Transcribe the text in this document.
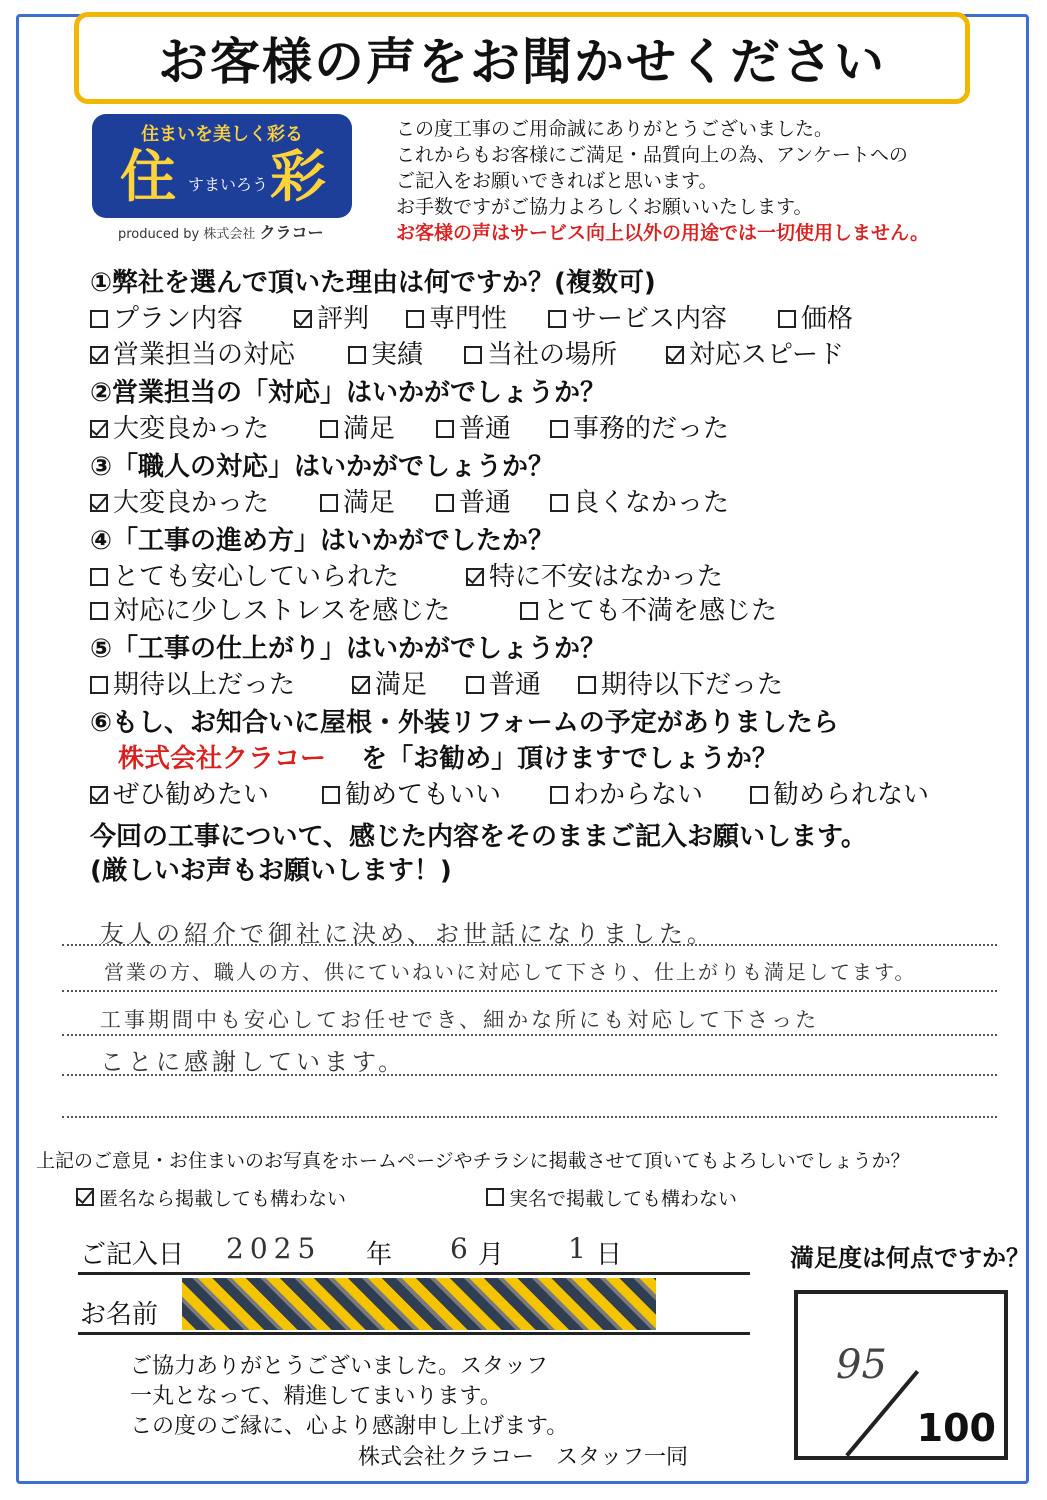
お客様の声をお聞かせください
住まいを美しく彩る
住 すまいろう 彩
produced by 株式会社 クラコー
この度工事のご用命誠にありがとうございました。
これからもお客様にご満足・品質向上の為、アンケートへの
ご記入をお願いできればと思います。
お手数ですがご協力よろしくお願いいたします。
お客様の声はサービス向上以外の用途では一切使用しません。
①弊社を選んで頂いた理由は何ですか？(複数可)
プラン内容	評判	専門性	サービス内容	価格
営業担当の対応	実績	当社の場所	対応スピード
②営業担当の「対応」はいかがでしょうか？
大変良かった	満足	普通	事務的だった
③「職人の対応」はいかがでしょうか？
大変良かった	満足	普通	良くなかった
④「工事の進め方」はいかがでしたか？
とても安心していられた	特に不安はなかった
対応に少しストレスを感じた	とても不満を感じた
⑤「工事の仕上がり」はいかがでしょうか？
期待以上だった	満足	普通	期待以下だった
⑥もし、お知合いに屋根・外装リフォームの予定がありましたら
株式会社クラコー を「お勧め」頂けますでしょうか？
ぜひ勧めたい	勧めてもいい	わからない	勧められない
今回の工事について、感じた内容をそのままご記入お願いします。
(厳しいお声もお願いします！)
友人の紹介で御社に決め、お世話になりました。
営業の方、職人の方、供にていねいに対応して下さり、仕上がりも満足してます。
工事期間中も安心してお任せでき、細かな所にも対応して下さった
ことに感謝しています。
上記のご意見・お住まいのお写真をホームページやチラシに掲載させて頂いてもよろしいでしょうか？
匿名なら掲載しても構わない	実名で掲載しても構わない
ご記入日 2025 年 6 月 1 日
お名前
満足度は何点ですか？
95
100
ご協力ありがとうございました。スタッフ
一丸となって、精進してまいります。
この度のご縁に、心より感謝申し上げます。
株式会社クラコー　スタッフ一同
